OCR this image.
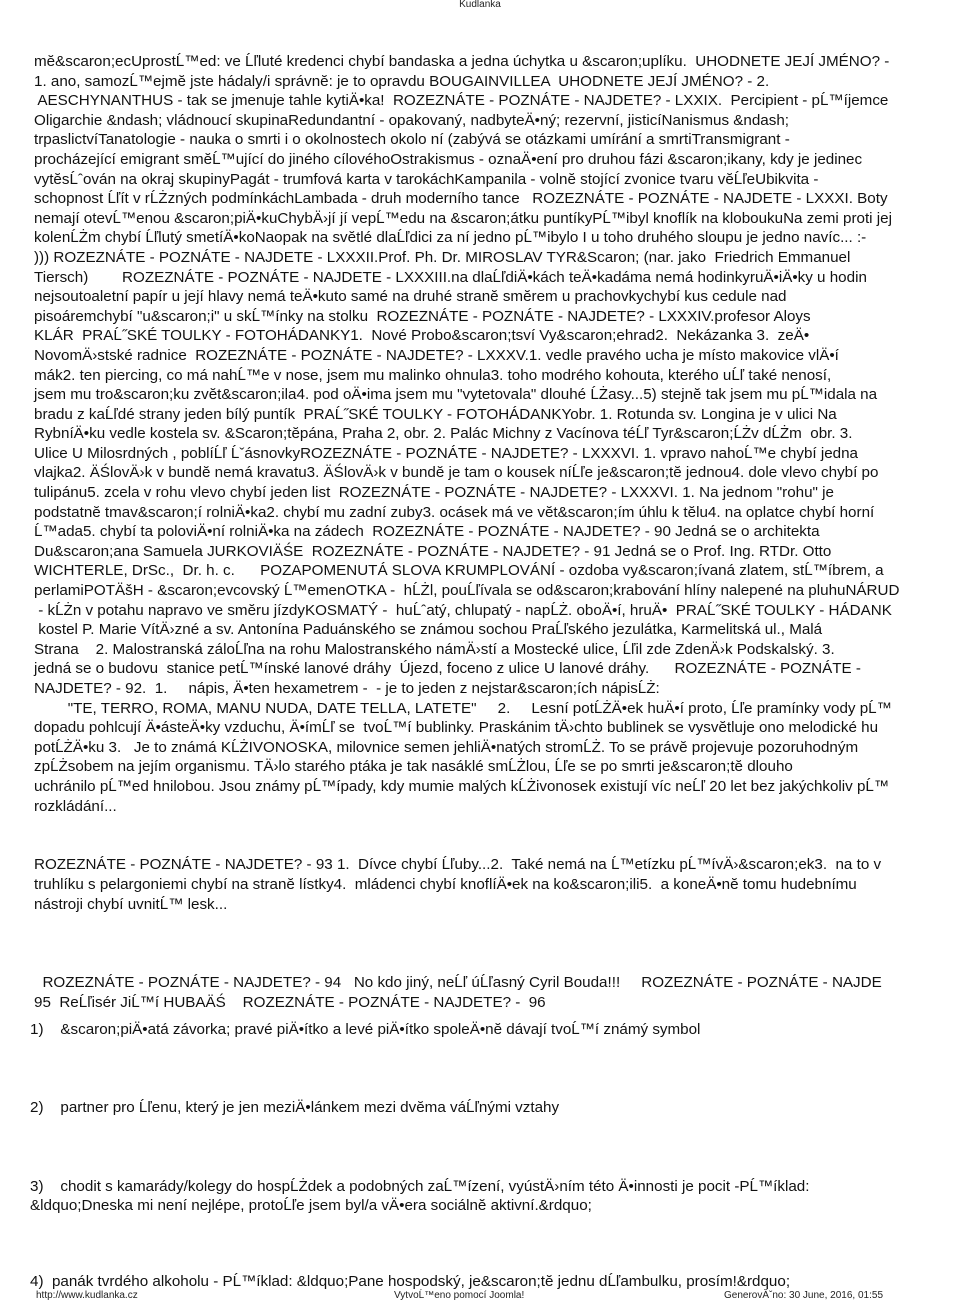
Kudlanka
mĕ&scaron;ecUprostĹ™ed: ve Ĺľluté kredenci chybí bandaska a jedna úchytka u &scaron;uplíku.  UHODNETE JEJÍ JMÉNO? -
1. ano, samozĹ™ejmĕ jste hádaly/i správnĕ: je to opravdu BOUGAINVILLEA  UHODNETE JEJÍ JMÉNO? - 2.
AESCHYNANTHUS - tak se jmenuje tahle kytiÄ•ka!  ROZEZNÁTE - POZNÁTE - NAJDETE? - LXXIX.  Percipient - pĹ™íjemce
Oligarchie &ndash; vládnoucí skupinaRedundantní - opakovaný, nadbyteÄ•ný; rezervní, jisticíNanismus &ndash;
trpaslictvíTanatologie - nauka o smrti i o okolnostech okolo ní (zabývá se otázkami umírání a smrtiTransmigrant -
procházející emigrant smĕĹ™ující do jiného cílovéhoOstrakismus - oznaÄ•ení pro druhou fázi &scaron;ikany, kdy je jedinec
vytĕsĹˆován na okraj skupinyPagát - trumfová karta v tarokáchKampanila - volnĕ stojící zvonice tvaru vĕĹľeUbikvita -
schopnost Ĺľít v rĹŻzných podmínkáchLambada - druh moderního tance   ROZEZNÁTE - POZNÁTE - NAJDETE - LXXXI. Boty
nemají otevĹ™enou &scaron;piÄ•kuChybÄ›jí jí vepĹ™edu na &scaron;átku puntíkyPĹ™ibyl knoflík na kloboukuNa zemi proti jej
kolenĹŻm chybí Ĺľlutý smetíÄ•koNaopak na svĕtlé dlaĹľdici za ní jedno pĹ™ibylo I u toho druhého sloupu je jedno navíc... :-
))) ROZEZNÁTE - POZNÁTE - NAJDETE - LXXXII.Prof. Ph. Dr. MIROSLAV TYR&Scaron; (nar. jako  Friedrich Emmanuel
Tiersch)        ROZEZNÁTE - POZNÁTE - NAJDETE - LXXXIII.na dlaĹľdiÄ•kách teÄ•kadáma nemá hodinkyruÄ•iÄ•ky u hodin
nejsoutoaletní papír u její hlavy nemá teÄ•kuto samé na druhé stranĕ smĕrem u prachovkychybí kus cedule nad
pisoáremchybí "u&scaron;i" u skĹ™ínky na stolku  ROZEZNÁTE - POZNÁTE - NAJDETE? - LXXXIV.profesor Aloys
KLÁR  PRAĹ˝SKÉ TOULKY - FOTOHÁDANKY1.  Nové Probo&scaron;tsví Vy&scaron;ehrad2.  Nekázanka 3.  zeÄ•
NovomÄ›stské radnice  ROZEZNÁTE - POZNÁTE - NAJDETE? - LXXXV.1. vedle pravého ucha je místo makovice vlÄ•í
mák2. ten piercing, co má nahĹ™e v nose, jsem mu malinko ohnula3. toho modrého kohouta, kterého uĹľ také nenosí,
jsem mu tro&scaron;ku zvĕt&scaron;ila4. pod oÄ•ima jsem mu "vytetovala" dlouhé ĹŻasy...5) stejnĕ tak jsem mu pĹ™idala na
bradu z kaĹľdé strany jeden bílý puntík  PRAĹ˝SKÉ TOULKY - FOTOHÁDANKYobr. 1. Rotunda sv. Longina je v ulici Na
RybníÄ•ku vedle kostela sv. &Scaron;tĕpána, Praha 2, obr. 2. Palác Michny z Vacínova téĹľ Tyr&scaron;ĹŻv dĹŻm  obr. 3.
Ulice U Milosrdných , poblíĹľ ĹˇásnovkyROZEZNÁTE - POZNÁTE - NAJDETE? - LXXXVI. 1. vpravo nahoĹ™e chybí jedna
vlajka2. ÄŚlovÄ›k v bundĕ nemá kravatu3. ÄŚlovÄ›k v bundĕ je tam o kousek níĹľe je&scaron;tĕ jednou4. dole vlevo chybí po
tulipánu5. zcela v rohu vlevo chybí jeden list  ROZEZNÁTE - POZNÁTE - NAJDETE? - LXXXVI. 1. Na jednom "rohu" je
podstatnĕ tmav&scaron;í rolniÄ•ka2. chybí mu zadní zuby3. ocásek má ve vĕt&scaron;ím úhlu k tĕlu4. na oplatce chybí horní
Ĺ™ada5. chybí ta poloviÄ•ní rolniÄ•ka na zádech  ROZEZNÁTE - POZNÁTE - NAJDETE? - 90 Jedná se o architekta
Du&scaron;ana Samuela JURKOVIÄŚE  ROZEZNÁTE - POZNÁTE - NAJDETE? - 91 Jedná se o Prof. Ing. RTDr. Otto
WICHTERLE, DrSc.,  Dr. h. c.      POZAPOMENUTÁ SLOVA KRUMPLOVÁNÍ - ozdoba vy&scaron;ívaná zlatem, stĹ™íbrem, a
perlamiPOTÄšH - &scaron;evcovský Ĺ™emenOTKA -  hĹŻl, pouĹľívala se od&scaron;krabování hlíny nalepené na pluhuNÁRUD
- kĹŻn v potahu napravo ve smĕru jízdyKOSMATÝ -  huĹˆatý, chlupatý - napĹŻ. oboÄ•í, hruÄ•  PRAĹ˝SKÉ TOULKY - HÁDANK
kostel P. Marie VítÄ›zné a sv. Antonína Paduánského se známou sochou PraĹľského jezulátka, Karmelitská ul., Malá
Strana    2. Malostranská záloĹľna na rohu Malostranského námÄ›stí a Mostecké ulice, Ĺľil zde ZdenÄ›k Podskalský. 3.
jedná se o budovu  stanice petĹ™ínské lanové dráhy  Újezd, foceno z ulice U lanové dráhy.      ROZEZNÁTE - POZNÁTE -
NAJDETE? - 92.  1.     nápis, Ä•ten hexametrem -  - je to jeden z nejstar&scaron;ích nápisĹŻ:
"TE, TERRO, ROMA, MANU NUDA, DATE TELLA, LATETE"     2.     Lesní potĹŻÄ•ek huÄ•í proto, Ĺľe pramínky vody pĹ™
dopadu pohlcují Ä•ásteÄ•ky vzduchu, Ä•ímĹľ se  tvoĹ™í bublinky. Praskánim tÄ›chto bublinek se vysvĕtluje ono melodické hu
potĹŻÄ•ku 3.   Je to známá KĹŻIVONOSKA, milovnice semen jehliÄ•natých stromĹŻ. To se právĕ projevuje pozoruhodným
zpĹŻsobem na jejím organismu. TÄ›lo starého ptáka je tak nasáklé smĹŻlou, Ĺľe se po smrti je&scaron;tĕ dlouho
uchránilo pĹ™ed hnilobou. Jsou známy pĹ™ípady, kdy mumie malých kĹŻivonosek existují víc neĹľ 20 let bez jakýchkoliv pĹ™
rozkládání...
ROZEZNÁTE - POZNÁTE - NAJDETE? - 93 1.  Dívce chybí Ĺľuby...2.  Také nemá na Ĺ™etízku pĹ™ívÄ›&scaron;ek3.  na to v
truhlíku s pelargoniemi chybí na stranĕ lístky4.  mládenci chybí knoflíÄ•ek na ko&scaron;ili5.  a koneÄ•nĕ tomu hudebnímu
nástroji chybí uvnitĹ™ lesk...
ROZEZNÁTE - POZNÁTE - NAJDETE? - 94   No kdo jiný, neĹľ úĹľasný Cyril Bouda!!!     ROZEZNÁTE - POZNÁTE - NAJDE
95  ReĹľisér JiĹ™í HUBAÄŚ    ROZEZNÁTE - POZNÁTE - NAJDETE? -  96
1)    &scaron;piÄ•atá závorka; pravé piÄ•ítko a levé piÄ•ítko spoleÄ•nĕ dávají tvoĹ™í známý symbol
2)    partner pro Ĺľenu, který je jen meziÄ•lánkem mezi dvĕma váĹľnými vztahy
3)    chodit s kamarády/kolegy do hospĹŻdek a podobných zaĹ™ízení, vyústÄ›ním této Ä•innosti je pocit -PĹ™íklad:
&ldquo;Dneska mi není nejlépe, protoĹľe jsem byl/a vÄ•era sociálnĕ aktivní.&rdquo;
4)  panák tvrdého alkoholu - PĹ™íklad: &ldquo;Pane hospodský, je&scaron;tĕ jednu dĹľambulku, prosím!&rdquo;
http://www.kudlanka.cz	VytvoĹ™eno pomocí Joomla!	GenerovĂˇno: 30 June, 2016, 01:55
